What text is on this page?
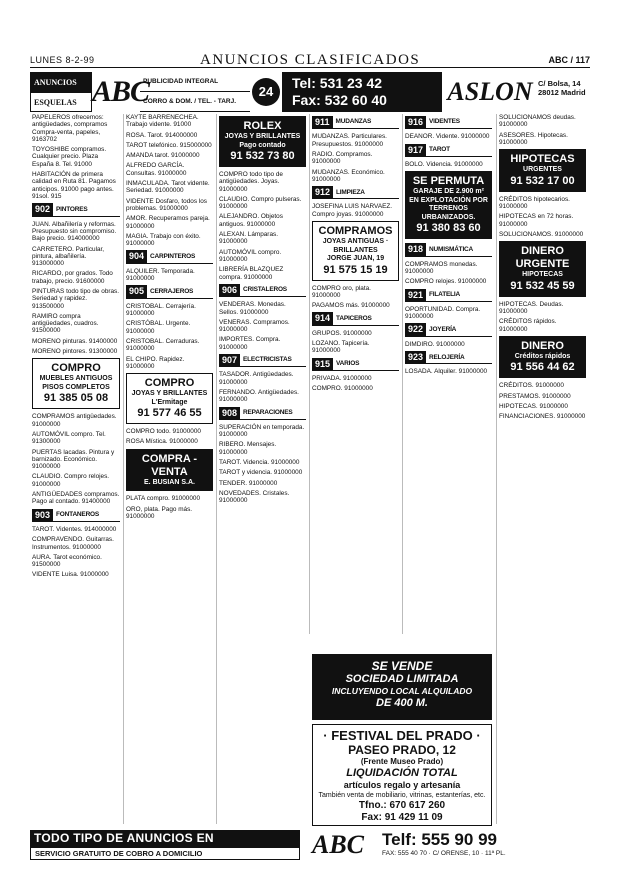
LUNES 8-2-99	ANUNCIOS CLASIFICADOS	ABC / 117
ANUNCIOS
ESQUELAS ABC
PUBLICIDAD INTEGRAL
CORRO & DOM. / TEL. - TARJ.
24
Tel: 531 23 42
Fax: 532 60 40	ASLON C/ Bolsa, 14
28012 Madrid
PAPELEROS ofrecemos: antigüedades, compramos Compra-venta, papeles, 9163702
TOYOSHIBE compramos. Cualquier precio. Plaza España 8. Tel. 91000
HABITACIÓN de primera calidad en Ruta 81. Pagamos anticipos. 91000 pago antes. 91sol. 915
902 PINTORES
JUAN. Albañilería y reformas. Presupuesto sin compromiso. Bajo precio. 914000000
CARRETERO. Particular, pintura, albañilería. 913000000
RICARDO, por grados. Todo trabajo, precio. 91600000
PINTURAS todo tipo de obras. Seriedad y rapidez. 913500000
RAMIRO compra antigüedades, cuadros. 91500000
MORENO pinturas. 91400000
MORENO pintores. 91300000
COMPRO
MUEBLES ANTIGUOS
PISOS COMPLETOS
91 385 05 08
COMPRAMOS antigüedades. 91000000
AUTOMÓVIL compro. Tel. 91300000
PUERTAS lacadas. Pintura y barnizado. Económico. 91000000
CLAUDIO. Compro relojes. 91000000
ANTIGÜEDADES compramos. Pago al contado. 91400000
903 FONTANEROS
TAROT. Videntes. 914000000
COMPRAVENDO. Guitarras. Instrumentos. 91000000
AURA. Tarot económico. 91500000
VIDENTE Luisa. 91000000
KAYTE BARRENECHEA. Trabajo vidente. 91000
ROSA. Tarot. 914000000
TAROT telefónico. 915000000
AMANDA tarot. 91000000
ALFREDO GARCÍA. Consultas. 91000000
INMACULADA. Tarot vidente. Seriedad. 91000000
VIDENTE Dosfaro, todos los problemas. 91000000
AMOR. Recuperamos pareja. 91000000
MAGIA. Trabajo con éxito. 91000000
904 CARPINTEROS
ALQUILER. Temporada. 91000000
905 CERRAJEROS
CRISTOBAL. Cerrajería. 91000000
CRISTÓBAL. Urgente. 91000000
CRISTOBAL. Cerraduras. 91000000
EL CHIPO. Rapidez. 91000000
COMPRO
JOYAS Y BRILLANTES
L'Ermitage
91 577 46 55
COMPRO todo. 91000000
ROSA Mística. 91000000
COMPRA - VENTA
E. BUSIAN S.A.
PLATA compro. 91000000
ORO, plata. Pago más. 91000000
ROLEX
JOYAS Y BRILLANTES
Pago contado
91 532 73 80
COMPRO todo tipo de antigüedades. Joyas. 91000000
CLAUDIO. Compro pulseras. 91000000
ALEJANDRO. Objetos antiguos. 91000000
ALEXAN. Lámparas. 91000000
AUTOMÓVIL compro. 91000000
LIBRERÍA BLAZQUEZ compra. 91000000
906 CRISTALEROS
VENDERAS. Monedas. Sellos. 91000000
VENERAS. Compramos. 91000000
IMPORTES. Compra. 91000000
907 ELECTRICISTAS
TASADOR. Antigüedades. 91000000
FERNANDO. Antigüedades. 91000000
908 REPARACIONES
SUPERACIÓN en temporada. 91000000
RIBERO. Mensajes. 91000000
TAROT. Videncia. 91000000
TAROT y videncia. 91000000
TENDER. 91000000
NOVEDADES. Cristales. 91000000
911 MUDANZAS
MUDANZAS. Particulares. Presupuestos. 91000000
RADIO. Compramos. 91000000
MUDANZAS. Económico. 91000000
912 LIMPIEZA
JOSEFINA LUIS NARVAEZ. Compro joyas. 91000000
COMPRAMOS
JOYAS ANTIGUAS · BRILLANTES
JORGE JUAN, 19
91 575 15 19
COMPRO oro, plata. 91000000
PAGAMOS más. 91000000
914 TAPICEROS
GRUPOS. 91000000
LOZANO. Tapicería. 91000000
915 VARIOS
PRIVADA. 91000000
COMPRO. 91000000
916 VIDENTES
DEANOR. Vidente. 91000000
917 TAROT
BOLO. Videncia. 91000000
SE PERMUTA
GARAJE DE 2.900 m²
EN EXPLOTACIÓN POR TERRENOS URBANIZADOS.
91 380 83 60
918 NUMISMÁTICA
COMPRAMOS monedas. 91000000
COMPRO relojes. 91000000
921 FILATELIA
OPORTUNIDAD. Compra. 91000000
922 JOYERÍA
DIMDIRO. 91000000
923 RELOJERÍA
LOSADA. Alquiler. 91000000
SOLUCIONAMOS deudas. 91000000
ASESORES. Hipotecas. 91000000
HIPOTECAS
URGENTES
91 532 17 00
CRÉDITOS hipotecarios. 91000000
HIPOTECAS en 72 horas. 91000000
SOLUCIONAMOS. 91000000
DINERO URGENTE
HIPOTECAS
91 532 45 59
HIPOTECAS. Deudas. 91000000
CRÉDITOS rápidos. 91000000
DINERO
Créditos rápidos
91 556 44 62
CRÉDITOS. 91000000
PRESTAMOS. 91000000
HIPOTECAS. 91000000
FINANCIACIONES. 91000000
SE VENDE
SOCIEDAD LIMITADA
INCLUYENDO LOCAL ALQUILADO
DE 400 M.
· FESTIVAL DEL PRADO ·
PASEO PRADO, 12
(Frente Museo Prado)
LIQUIDACIÓN TOTAL
artículos regalo y artesanía
También venta de mobiliario, vitrinas, estanterías, etc.
Tfno.: 670 617 260
Fax: 91 429 11 09
TODO TIPO DE ANUNCIOS EN
SERVICIO GRATUITO DE COBRO A DOMICILIO	ABC	Telf: 555 90 99
FAX: 555 40 70 · C/ ORENSE, 10 · 11ª PL.
